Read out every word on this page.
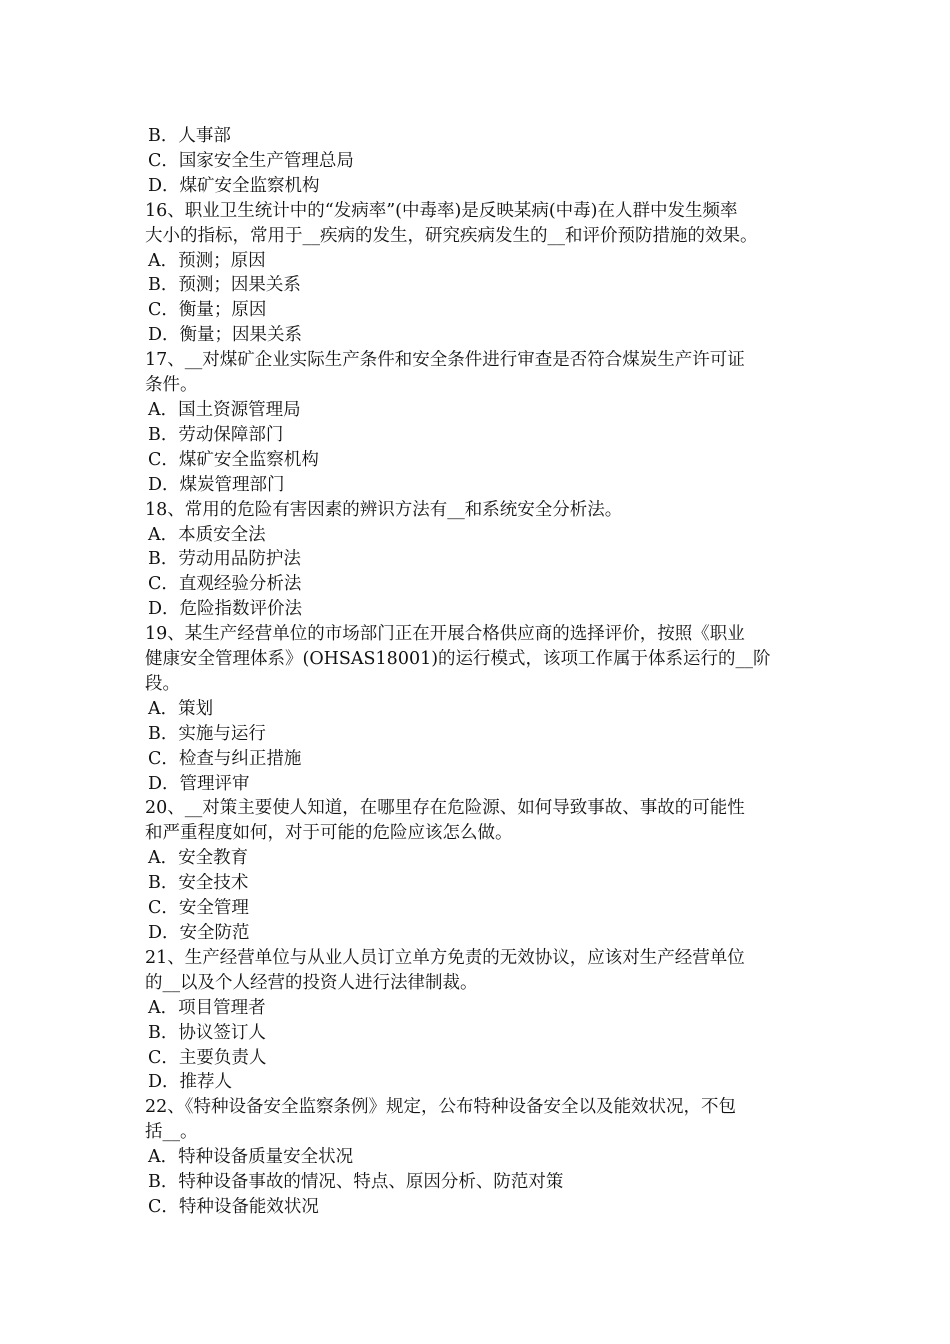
B．人事部
C．国家安全生产管理总局
D．煤矿安全监察机构
16、职业卫生统计中的“发病率”(中毒率)是反映某病(中毒)在人群中发生频率
大小的指标，常用于__疾病的发生，研究疾病发生的__和评价预防措施的效果。
A．预测；原因
B．预测；因果关系
C．衡量；原因
D．衡量；因果关系
17、__对煤矿企业实际生产条件和安全条件进行审查是否符合煤炭生产许可证
条件。
A．国土资源管理局
B．劳动保障部门
C．煤矿安全监察机构
D．煤炭管理部门
18、常用的危险有害因素的辨识方法有__和系统安全分析法。
A．本质安全法
B．劳动用品防护法
C．直观经验分析法
D．危险指数评价法
19、某生产经营单位的市场部门正在开展合格供应商的选择评价，按照《职业
健康安全管理体系》(OHSAS18001)的运行模式，该项工作属于体系运行的__阶
段。
A．策划
B．实施与运行
C．检查与纠正措施
D．管理评审
20、__对策主要使人知道，在哪里存在危险源、如何导致事故、事故的可能性
和严重程度如何，对于可能的危险应该怎么做。
A．安全教育
B．安全技术
C．安全管理
D．安全防范
21、生产经营单位与从业人员订立单方免责的无效协议，应该对生产经营单位
的__以及个人经营的投资人进行法律制裁。
A．项目管理者
B．协议签订人
C．主要负责人
D．推荐人
22、《特种设备安全监察条例》规定，公布特种设备安全以及能效状况，不包
括__。
A．特种设备质量安全状况
B．特种设备事故的情况、特点、原因分析、防范对策
C．特种设备能效状况
